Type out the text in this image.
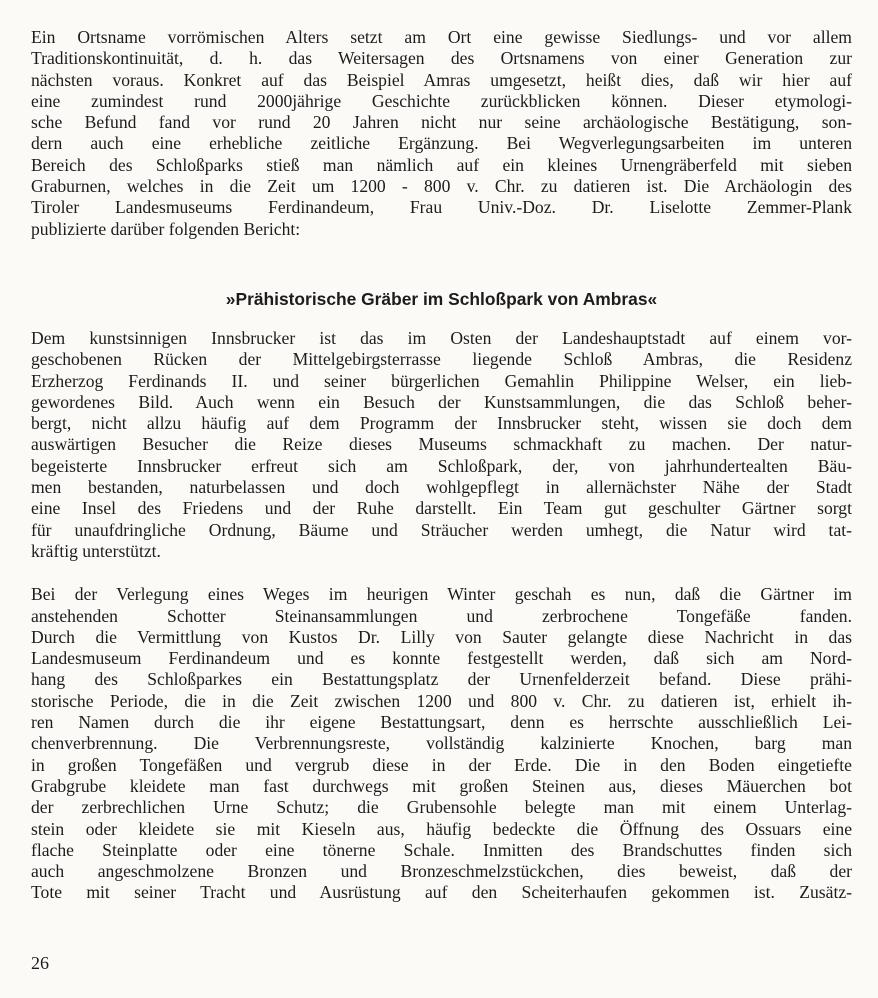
Ein Ortsname vorrömischen Alters setzt am Ort eine gewisse Siedlungs- und vor allem
Traditionskontinuität, d. h. das Weitersagen des Ortsnamens von einer Generation zur
nächsten voraus. Konkret auf das Beispiel Amras umgesetzt, heißt dies, daß wir hier auf
eine zumindest rund 2000jährige Geschichte zurückblicken können. Dieser etymologi-
sche Befund fand vor rund 20 Jahren nicht nur seine archäologische Bestätigung, son-
dern auch eine erhebliche zeitliche Ergänzung. Bei Wegverlegungsarbeiten im unteren
Bereich des Schloßparks stieß man nämlich auf ein kleines Urnengräberfeld mit sieben
Graburnen, welches in die Zeit um 1200 - 800 v. Chr. zu datieren ist. Die Archäologin des
Tiroler Landesmuseums Ferdinandeum, Frau Univ.-Doz. Dr. Liselotte Zemmer-Plank
publizierte darüber folgenden Bericht:

»Prähistorische Gräber im Schloßpark von Ambras«

Dem kunstsinnigen Innsbrucker ist das im Osten der Landeshauptstadt auf einem vor-
geschobenen Rücken der Mittelgebirgsterrasse liegende Schloß Ambras, die Residenz
Erzherzog Ferdinands II. und seiner bürgerlichen Gemahlin Philippine Welser, ein lieb-
gewordenes Bild. Auch wenn ein Besuch der Kunstsammlungen, die das Schloß beher-
bergt, nicht allzu häufig auf dem Programm der Innsbrucker steht, wissen sie doch dem
auswärtigen Besucher die Reize dieses Museums schmackhaft zu machen. Der natur-
begeisterte Innsbrucker erfreut sich am Schloßpark, der, von jahrhundertealten Bäu-
men bestanden, naturbelassen und doch wohlgepflegt in allernächster Nähe der Stadt
eine Insel des Friedens und der Ruhe darstellt. Ein Team gut geschulter Gärtner sorgt
für unaufdringliche Ordnung, Bäume und Sträucher werden umhegt, die Natur wird tat-
kräftig unterstützt.

Bei der Verlegung eines Weges im heurigen Winter geschah es nun, daß die Gärtner im
anstehenden Schotter Steinansammlungen und zerbrochene Tongefäße fanden.
Durch die Vermittlung von Kustos Dr. Lilly von Sauter gelangte diese Nachricht in das
Landesmuseum Ferdinandeum und es konnte festgestellt werden, daß sich am Nord-
hang des Schloßparkes ein Bestattungsplatz der Urnenfelderzeit befand. Diese prähi-
storische Periode, die in die Zeit zwischen 1200 und 800 v. Chr. zu datieren ist, erhielt ih-
ren Namen durch die ihr eigene Bestattungsart, denn es herrschte ausschließlich Lei-
chenverbrennung. Die Verbrennungsreste, vollständig kalzinierte Knochen, barg man
in großen Tongefäßen und vergrub diese in der Erde. Die in den Boden eingetiefte
Grabgrube kleidete man fast durchwegs mit großen Steinen aus, dieses Mäuerchen bot
der zerbrechlichen Urne Schutz; die Grubensohle belegte man mit einem Unterlag-
stein oder kleidete sie mit Kieseln aus, häufig bedeckte die Öffnung des Ossuars eine
flache Steinplatte oder eine tönerne Schale. Inmitten des Brandschuttes finden sich
auch angeschmolzene Bronzen und Bronzeschmelzstückchen, dies beweist, daß der
Tote mit seiner Tracht und Ausrüstung auf den Scheiterhaufen gekommen ist. Zusätz-

26
